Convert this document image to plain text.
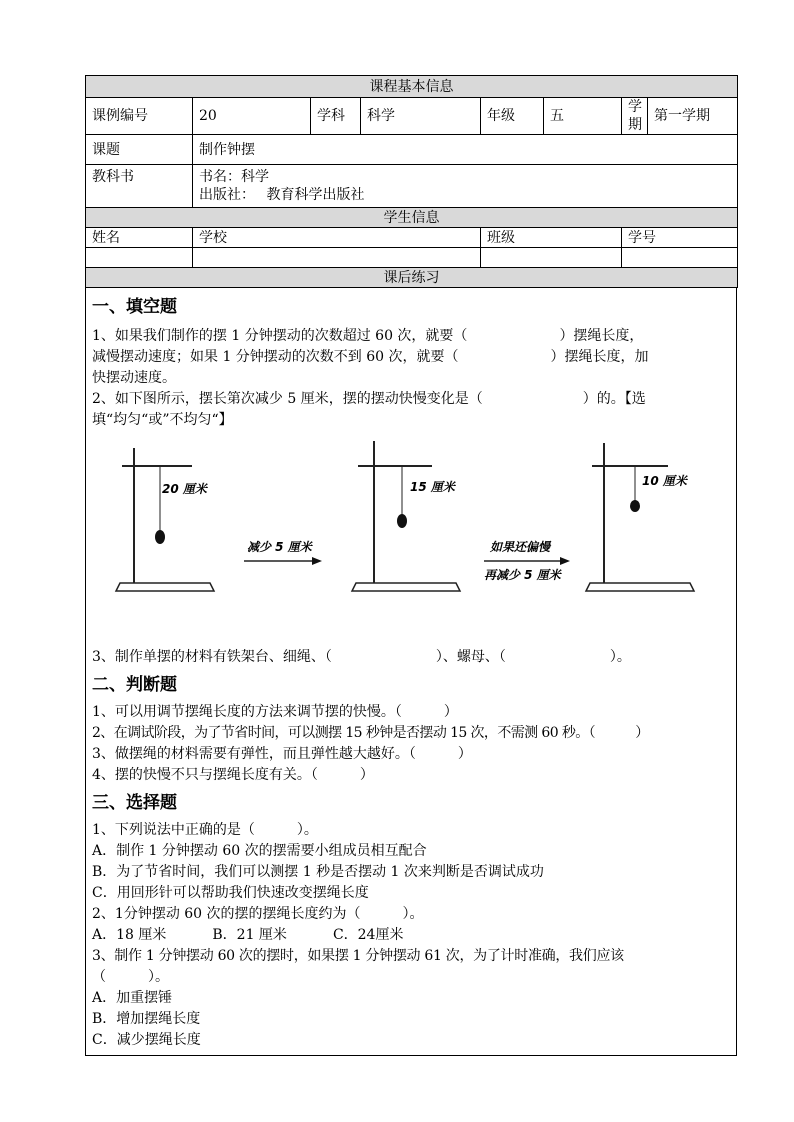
课程基本信息							
课例编号	20	学科	科学	年级	五	学期	第一学期
课题	制作钟摆						
教科书	书名：科学
出版社：　 教育科学出版社						

学生信息							
姓名	学校			班级		学号	

课后练习							
一、填空题

1、如果我们制作的摆 1 分钟摆动的次数超过 60 次，就要（	）摆绳长度，

减慢摆动速度；如果 1 分钟摆动的次数不到 60 次，就要（	）摆绳长度，加

快摆动速度。

2、如下图所示，摆长第次减少 5 厘米，摆的摆动快慢变化是（	）的。【选

填“均匀“或”不均匀“】

20 厘米	15 厘米	10 厘米
减少 5 厘米	如果还偏慢
再减少 5 厘米

3、制作单摆的材料有铁架台、细绳、（	）、螺母、（	）。

二、判断题

1、可以用调节摆绳长度的方法来调节摆的快慢。（　　　）

2、在调试阶段，为了节省时间，可以测摆 15 秒钟是否摆动 15 次，不需测 60 秒。（　　　）

3、做摆绳的材料需要有弹性，而且弹性越大越好。（　　　）

4、摆的快慢不只与摆绳长度有关。（　　　）

三、选择题

1、下列说法中正确的是（　　　）。

A．制作 1 分钟摆动 60 次的摆需要小组成员相互配合

B．为了节省时间，我们可以测摆 1 秒是否摆动 1 次来判断是否调试成功

C．用回形针可以帮助我们快速改变摆绳长度

2、1分钟摆动 60 次的摆的摆绳长度约为（　　　）。

A．18 厘米	B．21 厘米	C．24厘米

3、制作 1 分钟摆动 60 次的摆时，如果摆 1 分钟摆动 61 次，为了计时准确，我们应该

（　　　）。

A．加重摆锤

B．增加摆绳长度

C．减少摆绳长度
